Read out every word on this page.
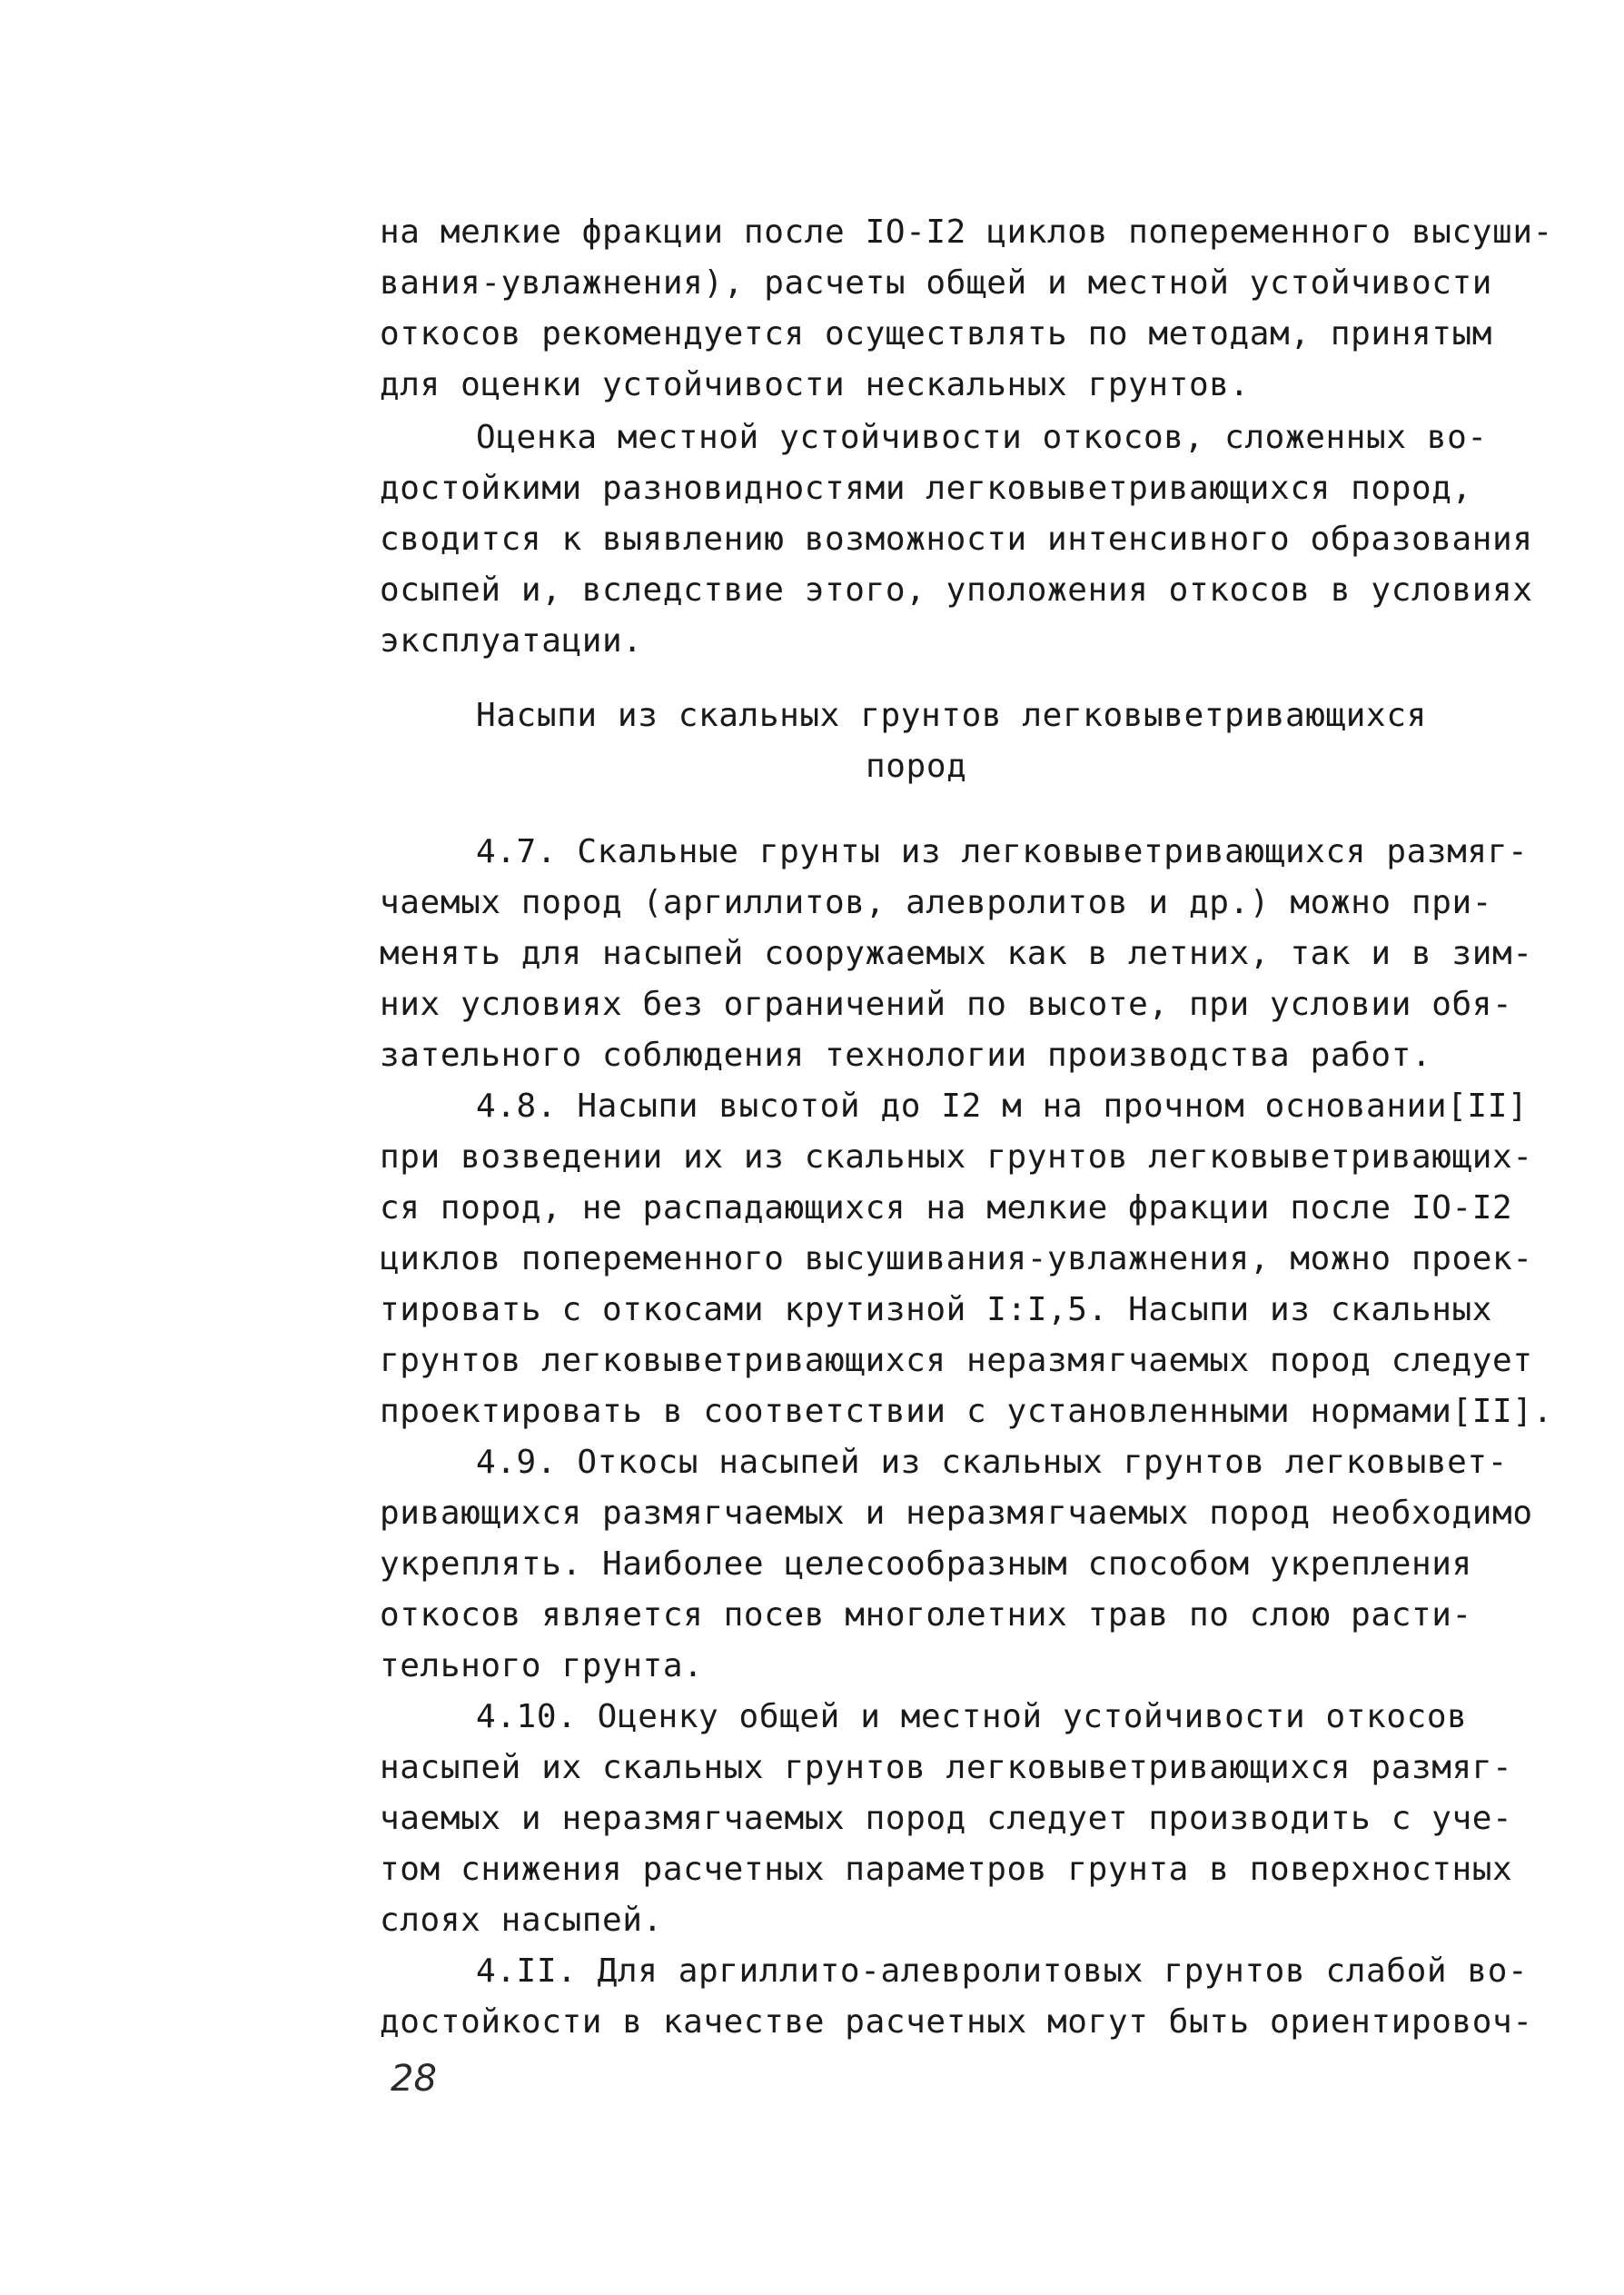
на мелкие фракции после IO-I2 циклов попеременного высуши-
вания-увлажнения), расчеты общей и местной устойчивости
откосов рекомендуется осуществлять по методам, принятым
для оценки устойчивости нескальных грунтов.
Оценка местной устойчивости откосов, сложенных во-
достойкими разновидностями легковыветривающихся пород,
сводится к выявлению возможности интенсивного образования
осыпей и, вследствие этого, уположения откосов в условиях
эксплуатации.
Насыпи из скальных грунтов легковыветривающихся
пород
4.7. Скальные грунты из легковыветривающихся размяг-
чаемых пород (аргиллитов, алевролитов и др.) можно при-
менять для насыпей сооружаемых как в летних, так и в зим-
них условиях без ограничений по высоте, при условии обя-
зательного соблюдения технологии производства работ.
4.8. Насыпи высотой до I2 м на прочном основании[II]
при возведении их из скальных грунтов легковыветривающих-
ся пород, не распадающихся на мелкие фракции после IO-I2
циклов попеременного высушивания-увлажнения, можно проек-
тировать с откосами крутизной I:I,5. Насыпи из скальных
грунтов легковыветривающихся неразмягчаемых пород следует
проектировать в соответствии с установленными нормами[II].
4.9. Откосы насыпей из скальных грунтов легковывет-
ривающихся размягчаемых и неразмягчаемых пород необходимо
укреплять. Наиболее целесообразным способом укрепления
откосов является посев многолетних трав по слою расти-
тельного грунта.
4.10. Оценку общей и местной устойчивости откосов
насыпей их скальных грунтов легковыветривающихся размяг-
чаемых и неразмягчаемых пород следует производить с уче-
том снижения расчетных параметров грунта в поверхностных
слоях насыпей.
4.II. Для аргиллито-алевролитовых грунтов слабой во-
достойкости в качестве расчетных могут быть ориентировоч-
28
